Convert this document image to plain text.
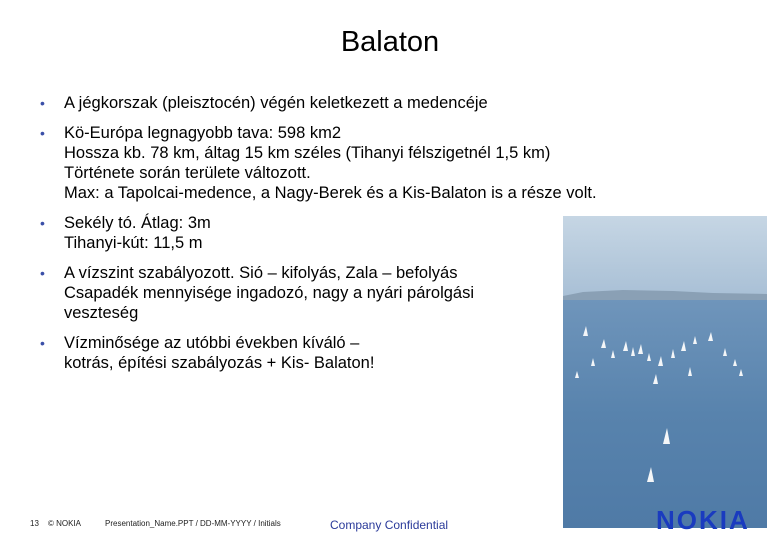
Balaton
• A jégkorszak (pleisztocén) végén keletkezett a medencéje
• Kö-Európa legnagyobb tava: 598 km2
Hossza kb. 78 km, áltag 15 km széles (Tihanyi félszigetnél 1,5 km)
Története során területe változott.
Max: a Tapolcai-medence, a Nagy-Berek és a Kis-Balaton is a része volt.
• Sekély tó. Átlag: 3m
Tihanyi-kút: 11,5 m
• A vízszint szabályozott. Sió – kifolyás, Zala – befolyás
Csapadék mennyisége ingadozó, nagy a nyári párolgási
veszteség
• Vízminősége az utóbbi években kíváló –
kotrás, építési szabályozás + Kis- Balaton!
13 © NOKIA	Presentation_Name.PPT / DD-MM-YYYY / Initials	Company Confidential	NOKIA
